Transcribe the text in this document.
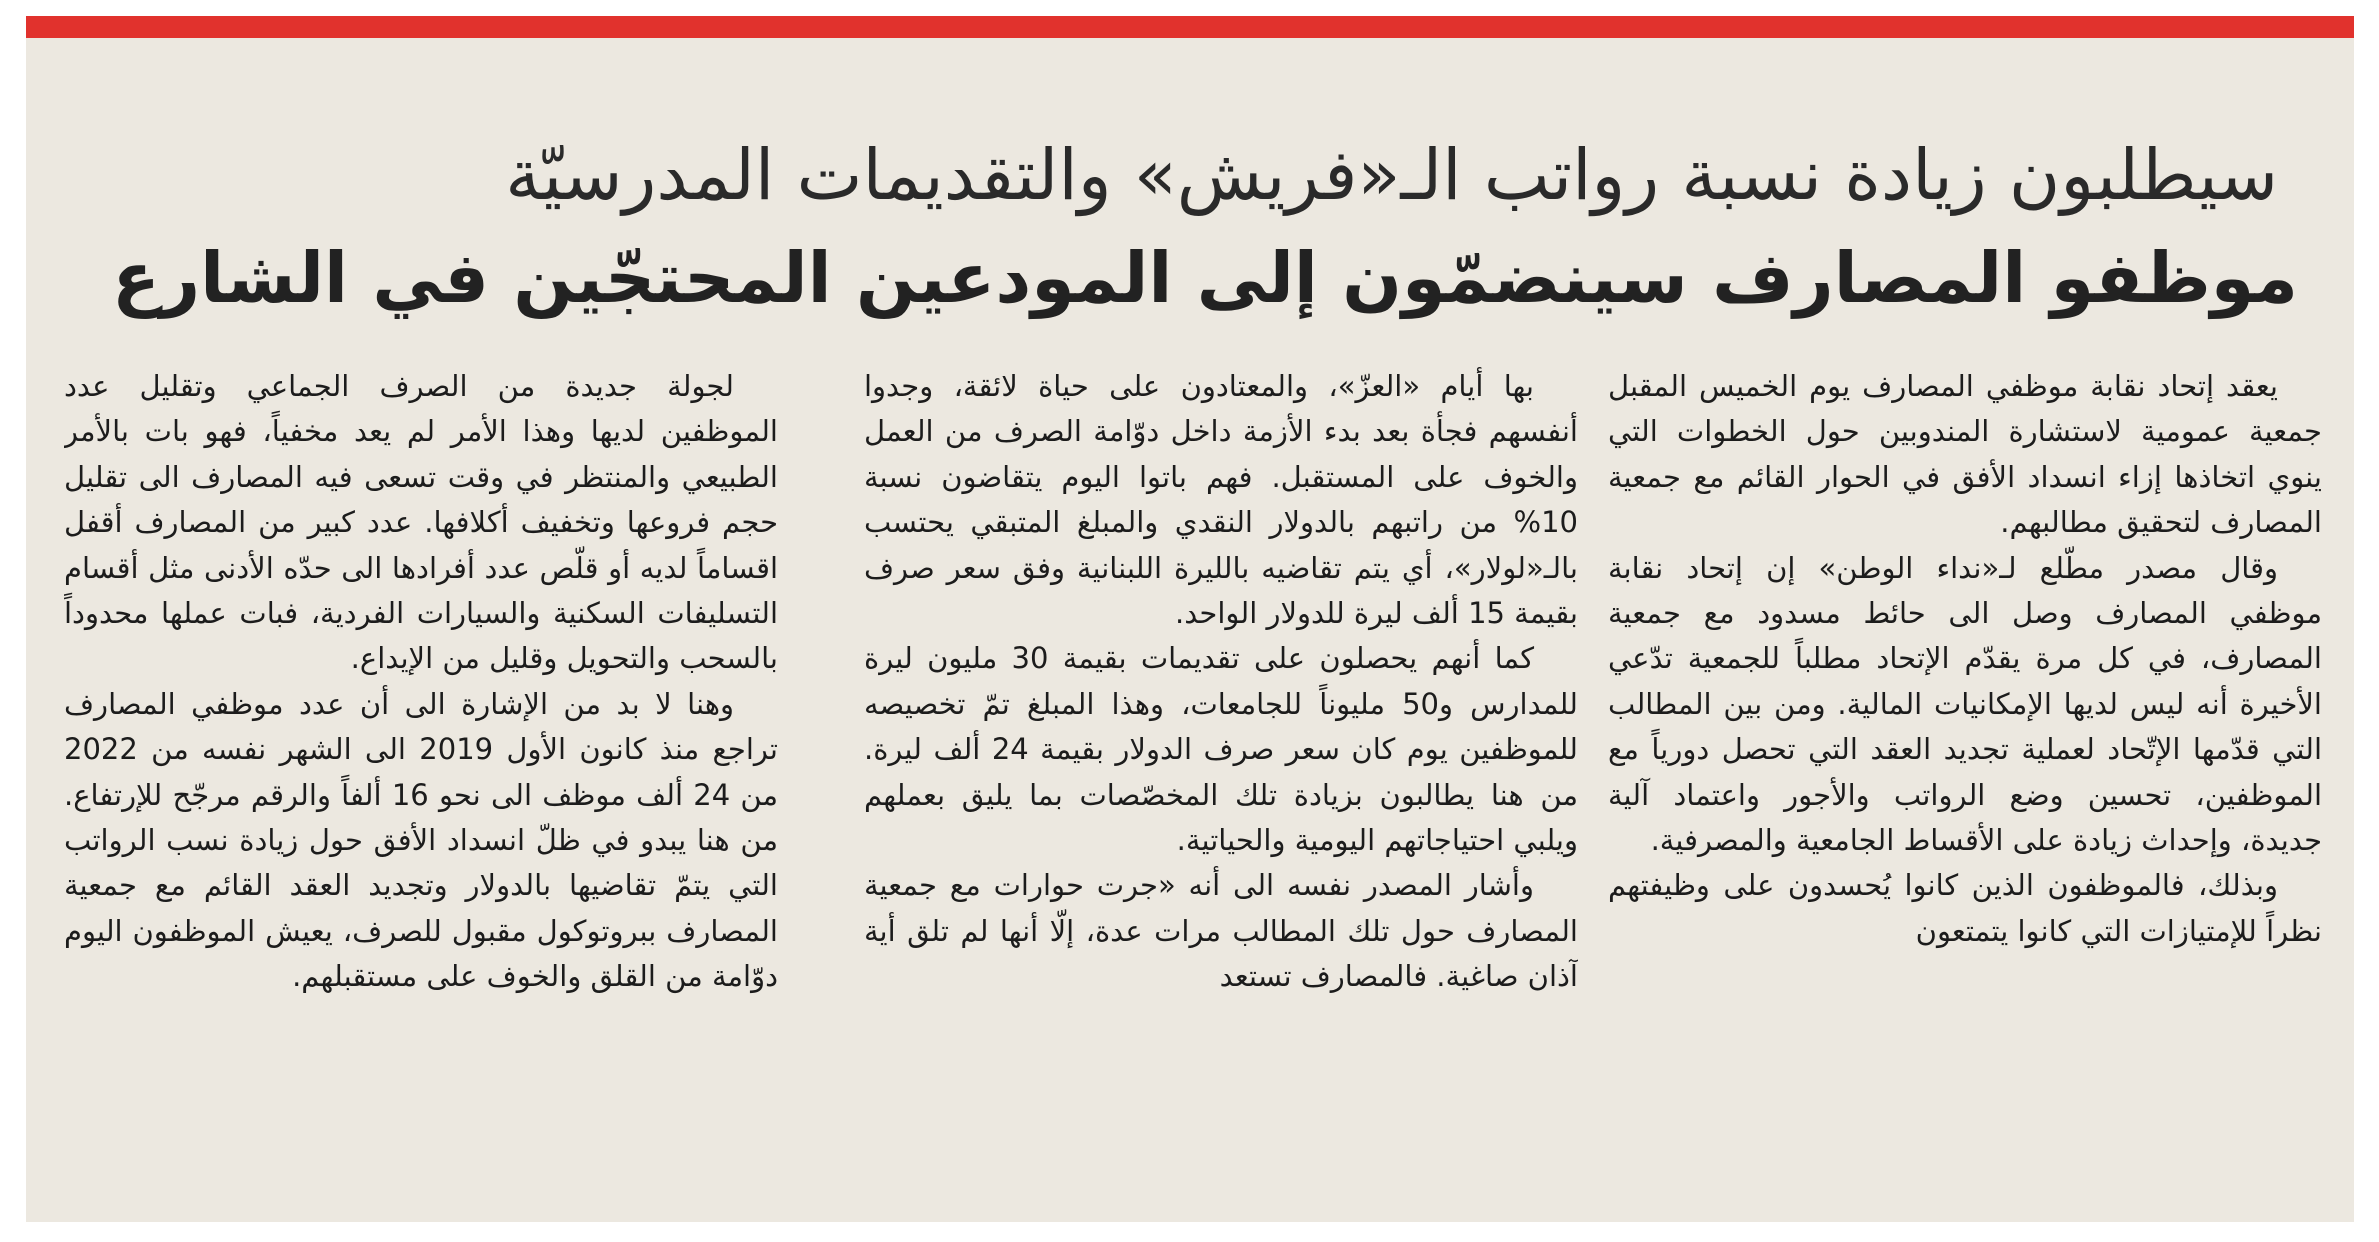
سيطلبون زيادة نسبة رواتب الـ«فريش» والتقديمات المدرسيّة
موظفو المصارف سينضمّون إلى المودعين المحتجّين في الشارع

يعقد إتحاد نقابة موظفي المصارف يوم الخميس المقبل جمعية عمومية لاستشارة المندوبين حول الخطوات التي ينوي اتخاذها إزاء انسداد الأفق في الحوار القائم مع جمعية المصارف لتحقيق مطالبهم.

وقال مصدر مطّلع لـ«نداء الوطن» إن إتحاد نقابة موظفي المصارف وصل الى حائط مسدود مع جمعية المصارف، في كل مرة يقدّم الإتحاد مطلباً للجمعية تدّعي الأخيرة أنه ليس لديها الإمكانيات المالية. ومن بين المطالب التي قدّمها الإتّحاد لعملية تجديد العقد التي تحصل دورياً مع الموظفين، تحسين وضع الرواتب والأجور واعتماد آلية جديدة، وإحداث زيادة على الأقساط الجامعية والمصرفية.

وبذلك، فالموظفون الذين كانوا يُحسدون على وظيفتهم نظراً للإمتيازات التي كانوا يتمتعون

بها أيام «العزّ»، والمعتادون على حياة لائقة، وجدوا أنفسهم فجأة بعد بدء الأزمة داخل دوّامة الصرف من العمل والخوف على المستقبل. فهم باتوا اليوم يتقاضون نسبة 10% من راتبهم بالدولار النقدي والمبلغ المتبقي يحتسب بالـ«لولار»، أي يتم تقاضيه بالليرة اللبنانية وفق سعر صرف بقيمة 15 ألف ليرة للدولار الواحد.

كما أنهم يحصلون على تقديمات بقيمة 30 مليون ليرة للمدارس و50 مليوناً للجامعات، وهذا المبلغ تمّ تخصيصه للموظفين يوم كان سعر صرف الدولار بقيمة 24 ألف ليرة. من هنا يطالبون بزيادة تلك المخصّصات بما يليق بعملهم ويلبي احتياجاتهم اليومية والحياتية.

وأشار المصدر نفسه الى أنه «جرت حوارات مع جمعية المصارف حول تلك المطالب مرات عدة، إلّا أنها لم تلق أية آذان صاغية. فالمصارف تستعد

لجولة جديدة من الصرف الجماعي وتقليل عدد الموظفين لديها وهذا الأمر لم يعد مخفياً، فهو بات بالأمر الطبيعي والمنتظر في وقت تسعى فيه المصارف الى تقليل حجم فروعها وتخفيف أكلافها. عدد كبير من المصارف أقفل اقساماً لديه أو قلّص عدد أفرادها الى حدّه الأدنى مثل أقسام التسليفات السكنية والسيارات الفردية، فبات عملها محدوداً بالسحب والتحويل وقليل من الإيداع.

وهنا لا بد من الإشارة الى أن عدد موظفي المصارف تراجع منذ كانون الأول 2019 الى الشهر نفسه من 2022 من 24 ألف موظف الى نحو 16 ألفاً والرقم مرجّح للإرتفاع. من هنا يبدو في ظلّ انسداد الأفق حول زيادة نسب الرواتب التي يتمّ تقاضيها بالدولار وتجديد العقد القائم مع جمعية المصارف ببروتوكول مقبول للصرف، يعيش الموظفون اليوم دوّامة من القلق والخوف على مستقبلهم.
